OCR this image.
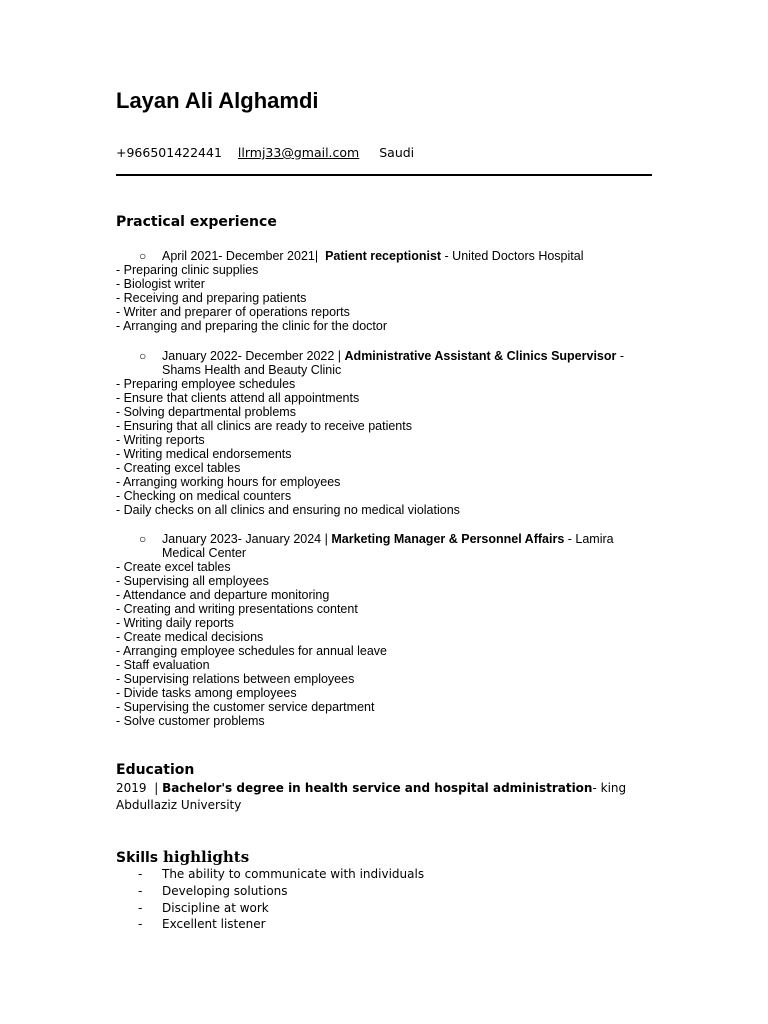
Layan Ali Alghamdi
+966501422441 llrmj33@gmail.com Saudi
Practical experience
○ April 2021- December 2021| Patient receptionist - United Doctors Hospital
- Preparing clinic supplies
- Biologist writer
- Receiving and preparing patients
- Writer and preparer of operations reports
- Arranging and preparing the clinic for the doctor
○ January 2022- December 2022 | Administrative Assistant & Clinics Supervisor - Shams Health and Beauty Clinic
- Preparing employee schedules
- Ensure that clients attend all appointments
- Solving departmental problems
- Ensuring that all clinics are ready to receive patients
- Writing reports
- Writing medical endorsements
- Creating excel tables
- Arranging working hours for employees
- Checking on medical counters
- Daily checks on all clinics and ensuring no medical violations
○ January 2023- January 2024 | Marketing Manager & Personnel Affairs - Lamira Medical Center
- Create excel tables
- Supervising all employees
- Attendance and departure monitoring
- Creating and writing presentations content
- Writing daily reports
- Create medical decisions
- Arranging employee schedules for annual leave
- Staff evaluation
- Supervising relations between employees
- Divide tasks among employees
- Supervising the customer service department
- Solve customer problems
Education
2019 | Bachelor's degree in health service and hospital administration- king Abdullaziz University
Skills highlights
- The ability to communicate with individuals
- Developing solutions
- Discipline at work
- Excellent listener
